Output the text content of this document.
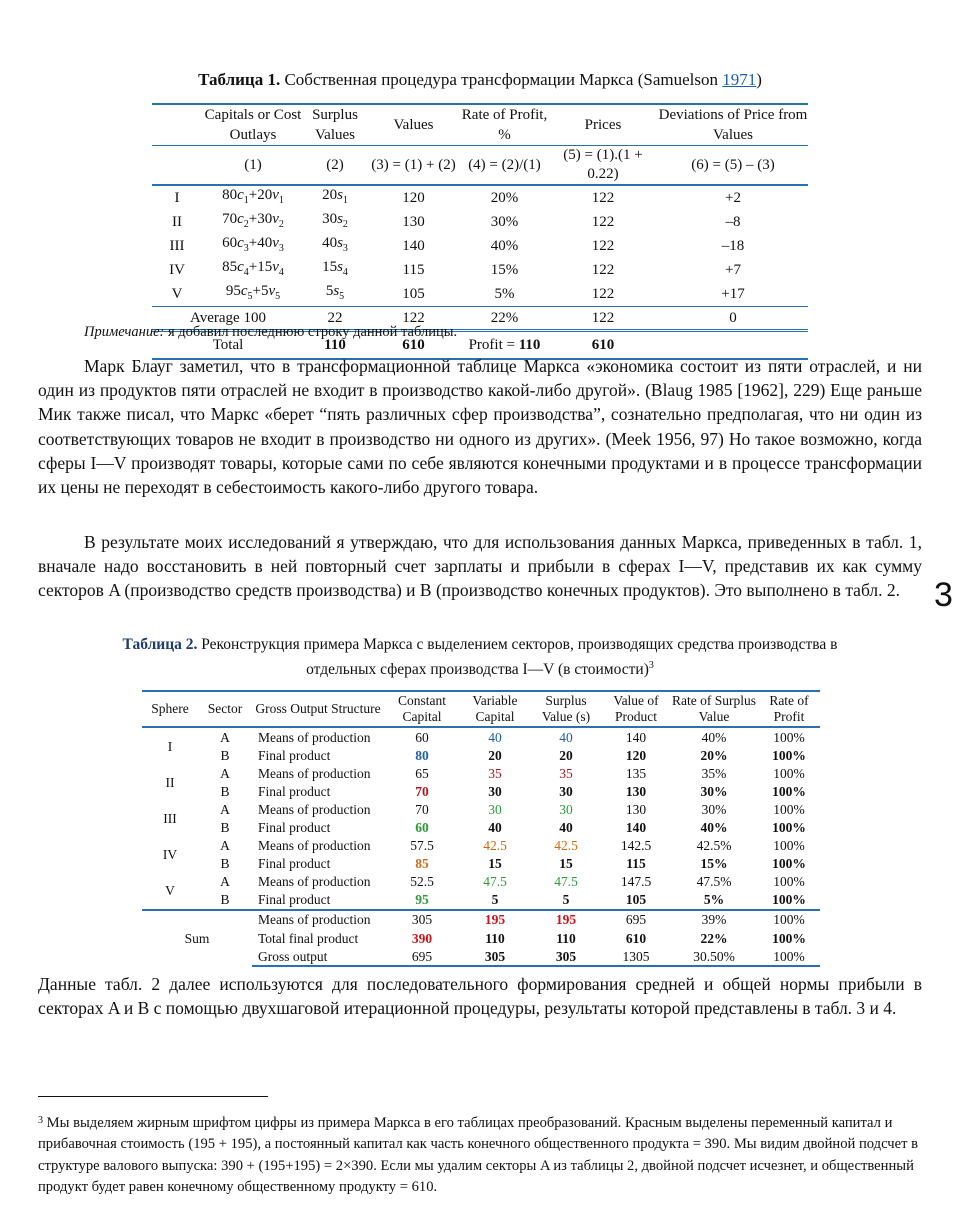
Таблица 1. Собственная процедура трансформации Маркса (Samuelson 1971)
	Capitals or Cost Outlays	Surplus Values	Values	Rate of Profit, %	Prices	Deviations of Price from Values
	(1)	(2)	(3) = (1) + (2)	(4) = (2)/(1)	(5) = (1).(1 + 0.22)	(6) = (5) – (3)
I	$80c_1+20v_1$	$20s_1$	120	20%	122	+2
II	$70c_2+30v_2$	$30s_2$	130	30%	122	–8
III	$60c_3+40v_3$	$40s_3$	140	40%	122	–18
IV	$85c_4+15v_4$	$15s_4$	115	15%	122	+7
V	$95c_5+5v_5$	$5s_5$	105	5%	122	+17
Average 100		22	122	22%	122	0
Total		110	610	Profit = 110	610	
Примечание: я добавил последнюю строку данной таблицы.
Марк Блауг заметил, что в трансформационной таблице Маркса «экономика состоит из пяти отраслей, и ни один из продуктов пяти отраслей не входит в производство какой-либо другой». (Blaug 1985 [1962], 229) Еще раньше Мик также писал, что Маркс «берет “пять различных сфер производства”, сознательно предполагая, что ни один из соответствующих товаров не входит в производство ни одного из других». (Meek 1956, 97) Но такое возможно, когда сферы I—V производят товары, которые сами по себе являются конечными продуктами и в процессе трансформации их цены не переходят в себестоимость какого-либо другого товара.
В результате моих исследований я утверждаю, что для использования данных Маркса, приведенных в табл. 1, вначале надо восстановить в ней повторный счет зарплаты и прибыли в сферах I—V, представив их как сумму секторов A (производство средств производства) и B (производство конечных продуктов). Это выполнено в табл. 2. 3
Таблица 2. Реконструкция примера Маркса с выделением секторов, производящих средства производства в
отдельных сферах производства I—V (в стоимости)$^3$
Sphere	Sector	Gross Output Structure	Constant Capital	Variable Capital	Surplus Value (s)	Value of Product	Rate of Surplus Value	Rate of Profit
I	A	Means of production	60	40	40	140	40%	100%
	B	Final product	80	20	20	120	20%	100%
II	A	Means of production	65	35	35	135	35%	100%
	B	Final product	70	30	30	130	30%	100%
III	A	Means of production	70	30	30	130	30%	100%
	B	Final product	60	40	40	140	40%	100%
IV	A	Means of production	57.5	42.5	42.5	142.5	42.5%	100%
	B	Final product	85	15	15	115	15%	100%
V	A	Means of production	52.5	47.5	47.5	147.5	47.5%	100%
	B	Final product	95	5	5	105	5%	100%
Sum		Means of production	305	195	195	695	39%	100%
		Total final product	390	110	110	610	22%	100%
		Gross output	695	305	305	1305	30.50%	100%
Данные табл. 2 далее используются для последовательного формирования средней и общей нормы прибыли в секторах A и B с помощью двухшаговой итерационной процедуры, результаты которой представлены в табл. 3 и 4.
$^3$ Мы выделяем жирным шрифтом цифры из примера Маркса в его таблицах преобразований. Красным выделены переменный капитал и прибавочная стоимость (195 + 195), а постоянный капитал как часть конечного общественного продукта = 390. Мы видим двойной подсчет в структуре валового выпуска: 390 + (195+195) = 2×390. Если мы удалим секторы A из таблицы 2, двойной подсчет исчезнет, и общественный продукт будет равен конечному общественному продукту = 610.
